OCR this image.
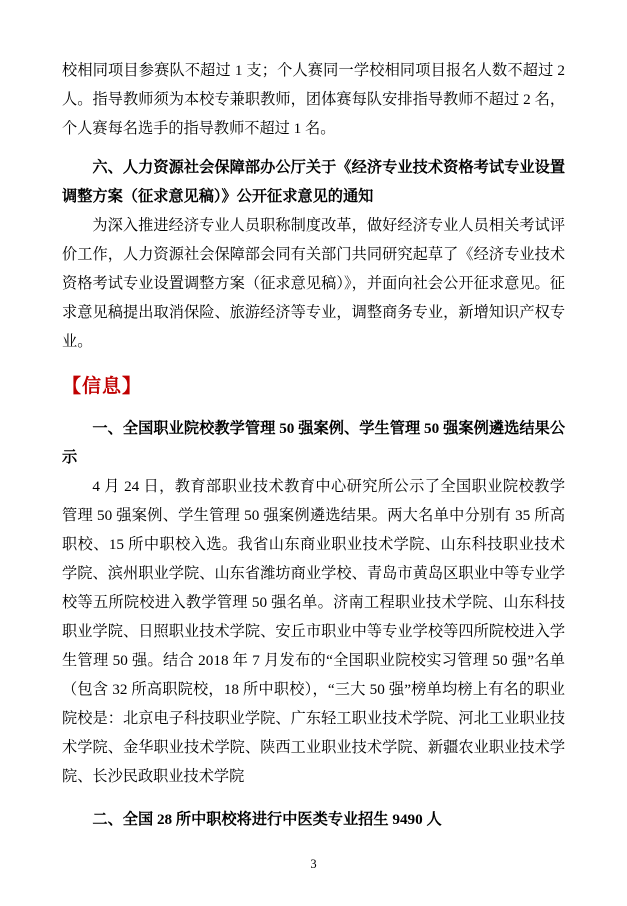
校相同项目参赛队不超过 1 支；个人赛同一学校相同项目报名人数不超过 2 人。指导教师须为本校专兼职教师，团体赛每队安排指导教师不超过 2 名，个人赛每名选手的指导教师不超过 1 名。

六、人力资源社会保障部办公厅关于《经济专业技术资格考试专业设置调整方案（征求意见稿）》公开征求意见的通知

为深入推进经济专业人员职称制度改革，做好经济专业人员相关考试评价工作，人力资源社会保障部会同有关部门共同研究起草了《经济专业技术资格考试专业设置调整方案（征求意见稿）》，并面向社会公开征求意见。征求意见稿提出取消保险、旅游经济等专业，调整商务专业，新增知识产权专业。

【信息】

一、全国职业院校教学管理 50 强案例、学生管理 50 强案例遴选结果公示

4 月 24 日，教育部职业技术教育中心研究所公示了全国职业院校教学管理 50 强案例、学生管理 50 强案例遴选结果。两大名单中分别有 35 所高职校、15 所中职校入选。我省山东商业职业技术学院、山东科技职业技术学院、滨州职业学院、山东省潍坊商业学校、青岛市黄岛区职业中等专业学校等五所院校进入教学管理 50 强名单。济南工程职业技术学院、山东科技职业学院、日照职业技术学院、安丘市职业中等专业学校等四所院校进入学生管理 50 强。结合 2018 年 7 月发布的“全国职业院校实习管理 50 强”名单（包含 32 所高职院校，18 所中职校），“三大 50 强”榜单均榜上有名的职业院校是：北京电子科技职业学院、广东轻工职业技术学院、河北工业职业技术学院、金华职业技术学院、陕西工业职业技术学院、新疆农业职业技术学院、长沙民政职业技术学院

二、全国 28 所中职校将进行中医类专业招生 9490 人

3
